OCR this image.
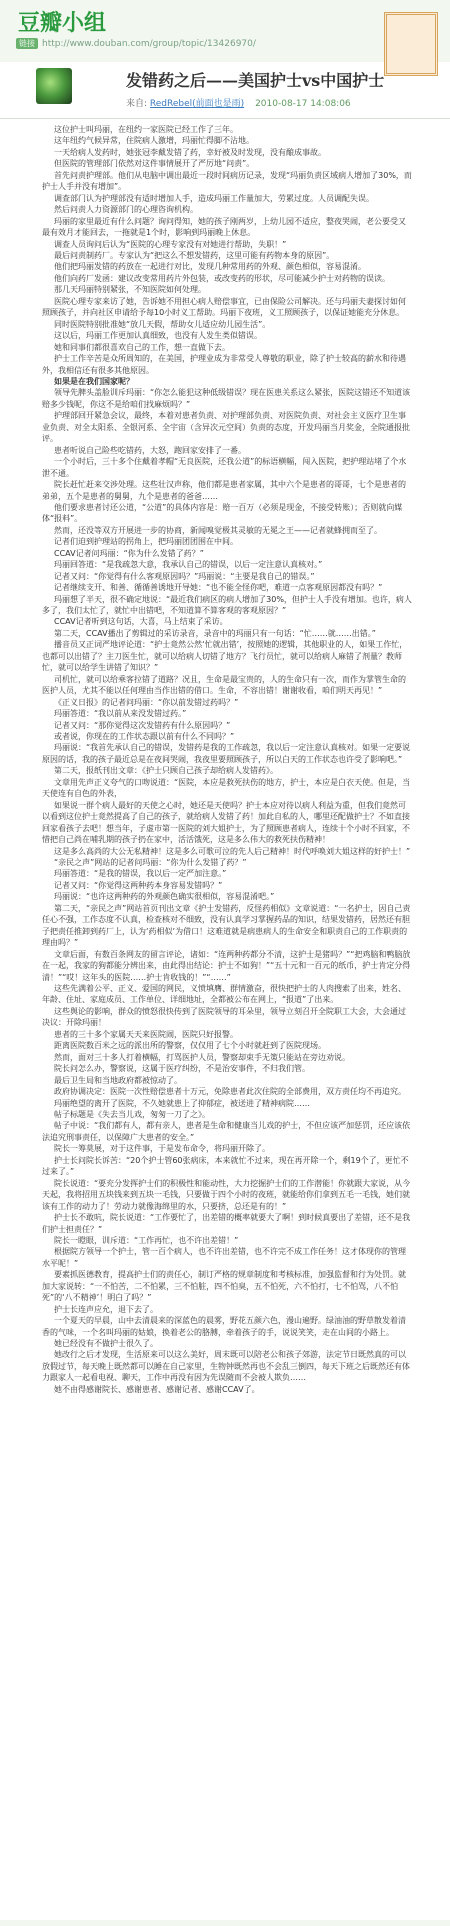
豆瓣小组
链接 http://www.douban.com/group/topic/13426970/
发错药之后——美国护士vs中国护士
来自: RedRebel(前面也是雨) 2010-08-17 14:08:06

这位护士叫玛丽，在纽约一家医院已经工作了三年。

这年纽约气候异常，住院病人激增，玛丽忙得脚不沾地。

一天给病人发药时，她张冠李戴发错了药，幸好被及时发现，没有酿成事故。

但医院的管理部门依然对这件事情展开了严厉地“问责”。

首先问责护理部。他们从电脑中调出最近一段时间病历记录，发现“玛丽负责区域病人增加了30%，而护士人手并没有增加”。

调查部门认为护理部没有适时增加人手，造成玛丽工作量加大，劳累过度。人员调配失误。

然后问责人力资源部门的心理咨询机构。

玛丽的家里最近有什么问题？询问得知，她的孩子刚两岁，上幼儿园不适应，整夜哭闹，老公要受又最有效月才能回去，一拖就是1个时，影响到玛丽晚上休息。

调查人员询问后认为“医院的心理专家没有对她进行帮助，失职！”

最后问责制药厂。专家认为“把这么不想发错药，这里可能有药物本身的原因”。

他们把玛丽发错的药放在一起进行对比，发现几种常用药的外观、颜色相似，容易混淆。

他们向药厂发函：建议改变常用药片外包装，或改变药的形状，尽可能减少护士对药物的误读。

那几天玛丽特别紧张，不知医院如何处理。

医院心理专家来访了她，告诉她不用担心病人赔偿事宜，已由保险公司解决。还与玛丽夫妻探讨如何照顾孩子，并向社区申请给予每10小时义工帮助。玛丽下夜班，义工照顾孩子，以保证她能充分休息。

同时医院特别批准她“放几天假，帮助女儿适应幼儿园生活”。

这以后，玛丽工作更加认真细致，也没有人发生类似错误。

她和同事们都很喜欢自己的工作，想一直做下去。

护士工作辛苦是众所周知的，在美国，护理业成为非常受人尊敬的职业，除了护士较高的薪水和待遇外，我相信还有很多其他原因。

如果是在我们国家呢？

领导先脾头盖脸训斥玛丽：“你怎么能犯这种低级错误？现在医患关系这么紧张，医院这错还不知道该赔多少钱呢，你这不是给咱们找麻烦吗？”

护理部回开紧急会议，最终，本着对患者负责、对护理部负责、对医院负责、对社会主义医疗卫生事业负责、对全太阳系、全银河系、全宇宙（含异次元空间）负责的态度，开发玛丽当月奖金，全院通报批评。

患者听说自己险些吃错药，大怒，跑回家安排了一番。

一个小时后，三十多个住戴着孝帽“无良医院，还我公道”的标语横幅，闯入医院，把护理站堵了个水泄不通。

院长赶忙赶来交涉处理。这些壮汉声称，他们都是患者家属，其中六个是患者的哥哥，七个是患者的弟弟，五个是患者的舅舅，九个是患者的爸爸……

他们要求患者讨还公道，“公道”的具体内容是：赔一百万（必须是现金，不接受转账）；否则就向媒体“报料”。

然而，还没等双方开展进一步的协商，新闻嗅觉极其灵敏的无冕之王——记者就蜂拥而至了。

记者们迫到护理站的拐角上，把玛丽团团围在中间。

CCAV记者问玛丽：“你为什么发错了药？”

玛丽回答道：“是我疏忽大意，我承认自己的错误，以后一定注意认真核对。”

记者又问：“你觉得有什么客观原因吗？”玛丽说：“主要是我自己的错误。”

记者继续支开、和善、循循善诱地开导她：“也不能全怪你吧，难道一点客观原因都没有吗？”

玛丽想了半天，很不确定地说：“最近我们病区的病人增加了30%，但护士人手没有增加。也许，病人多了，我们太忙了，就忙中出错吧，不知道算不算客观的客观原因？”

CCAV记者听到这句话，大喜，马上结束了采访。

第二天，CCAV播出了剪辑过的采访录音，录音中的玛丽只有一句话：“忙……就……出错。”

播音员又正词严地评论道：“护士竟然公然‘忙就出错’，按照她的逻辑，其他职业的人，如果工作忙，也都可以出错了？主刀医生忙，就可以给病人切错了地方？飞行员忙，就可以给病人麻错了剂量？教师忙，就可以给学生讲错了知识？”

司机忙，就可以给乘客拉错了道路？况且，生命是最宝贵的，人的生命只有一次，而作为掌管生命的医护人员，尤其不能以任何理由当作出错的借口。生命，不容出错！谢谢收看，咱们明天再见！”

《正义日报》的记者问玛丽：“你以前发错过药吗？”

玛丽答道：“我以前从来没发错过药。”

记者又问：“那你觉得这次发错药有什么原因吗？”

或者说，你现在的工作状态跟以前有什么不同吗？”

玛丽说：“我首先承认自己的错误，发错药是我的工作疏忽，我以后一定注意认真核对。如果一定要说原因的话，我的孩子最近总是在夜间哭闹，我夜里要照顾孩子，所以白天的工作状态也许受了影响吧。”

第二天，报纸刊出文章：《护士只顾自己孩子却给病人发错药》。

文章用先声正义夸气的口吻说道：“医院，本应是救死扶伤的地方，护士，本应是白衣天使。但是，当天使连有自色的外表，

如果说一群个病人最好的天使之心时，她还是天使吗？护士本应对待以病人利益为重，但我们竟然可以看到这位护士竟然提高了自己的孩子，就给病人发错了药！加此自私的人，哪里还配做护士？不如直接回家看孩子去吧！想当年，子虚市第一医院的刘大姐护士，为了照顾患者病人，连续十个小时不回家，不惜把自己尚在哺乳期的孩子扔在家中，活活饿死，这是多么伟大的救死扶伤精神！

这是多么高尚的大公无私精神！这是多么可歌可泣的先人后己精神！时代呼唤刘大姐这样的好护士！”

“亲民之声”网站的记者问玛丽：“你为什么发错了药？”

玛丽答道：“是我的错误，我以后一定严加注意。”

记者又问：“你觉得这两种药本身容易发错吗？”

玛丽说：“也许这两种药的外观颜色确实很相似，容易混淆吧。”

第二天，“亲民之声”网站首页刊出文章《护士发错药，反怪药相似》文章说道：“一名护士，因自己责任心不强，工作态度不认真，检查核对不细致，没有认真学习掌握药品的知识，结果发错药，居然还有胆子把责任推卸到药厂上，认为‘药相似’为借口！这难道就是病患病人的生命安全和职责自己的工作职责的理由吗？”

文章后面，有数百条网友的留言评论，诸如：“连两种药都分不清，这护士是猪吗？”“把鸡脑和鸭脑放在一起，我家的狗都能分辨出来，由此得出结论：护士不如狗！”“五十元和一百元的纸币，护士肯定分得清！”“哎！这年头的医院……护士肯收钱的！”“……”

这些先满着公平、正义、爱国的网民，义愤填膺、群情激奋，很快把护士的人肉搜索了出来，姓名、年龄、住址、家庭成员、工作单位、详细地址，全都被公布在网上，“报道”了出来。

这些舆论的影响，群众的愤怒很快传到了医院领导的耳朵里，领导立刻召开全院职工大会，大会通过决议：开除玛丽！

患者的三十多个家属天天来医院闹，医院只好报警。

距离医院数百米之远的派出所的警察，仅仅用了七个小时就赶到了医院现场。

然而，面对三十多人打着横幅，打骂医护人员，警察却束手无策只能站在旁边劝说。

院长问怎么办，警察说，这属于医疗纠纷，不是治安事件，不归我们管。

最后卫生局和当地政府都被惊动了。

政府协调决定：医院一次性赔偿患者十万元，免除患者此次住院的全部费用，双方责任均不再追究。

玛丽绝望的离开了医院，不久她就患上了抑郁症，被送进了精神病院……

帖子标题是《失去当儿戏，匆匆一刀了之》。

帖子中说：“我们都有人，都有亲人，患者是生命和健康当儿戏的护士，不但应该严加惩罚，还应该依法追究刑事责任，以保障广大患者的安全。”

院长一筹莫展，对于这件事，于是发布命令，将玛丽开除了。

护士长问院长诉苦：“20个护士管60张病床，本来就忙不过来，现在再开除一个，剩19个了，更忙不过来了。”

院长说道：“要充分发挥护士们的积极性和能动性，大力挖掘护士们的工作潜能！你就跟大家说，从今天起，我将招用五块钱来到五块一毛钱，只要做于四个小时的夜班，就能给你们拿到五毛一毛钱，她们就该有工作的动力了！劳动力就像海绵里的水，只要挤，总还是有的！”

护士长不敢吭，院长说道：“工作要忙了，出差错的概率就要大了啊！到时候真要出了差错，还不是我们护士担责任？”

院长一瞪眼，训斥道：“工作再忙，也不许出差错！”

根据院方领导一个护士，管一百个病人，也不许出差错，也不许完不成工作任务！这才体现你的管理水平呢！”

要素抓医德教育，提高护士们的责任心，制订严格的规章制度和考核标准，加强监督和行为处罚。就加大家说转：“一不怕苦，二不怕累，三不怕脏，四不怕臭，五不怕死，六不怕打，七不怕骂，八不怕死”的‘八不精神’！明白了吗？”

护士长连声应允，退下去了。

一个夏天的早晨，山中去清晨来的深蓝色的晨雾，野花五颜六色，漫山遍野。绿油油的野草散发着清香的气味，一个名叫玛丽的姑娘，换着老公的胳膊，牵着孩子的手，说说笑笑，走在山间的小路上。

她已经没有不做护士很久了。

她改行之后才发现，生活原来可以这么美好，周末既可以陪老公和孩子郊游，法定节日既然真的可以放假过节，每天晚上既然都可以睡在自己家里，生物钟既然再也不会乱三倒四，每天下班之后既然还有体力跟家人一起看电视、聊天，工作中再没有因为先误随而不会被人欺负……

她不由得感谢院长、感谢患者、感谢记者、感谢CCAV了。
